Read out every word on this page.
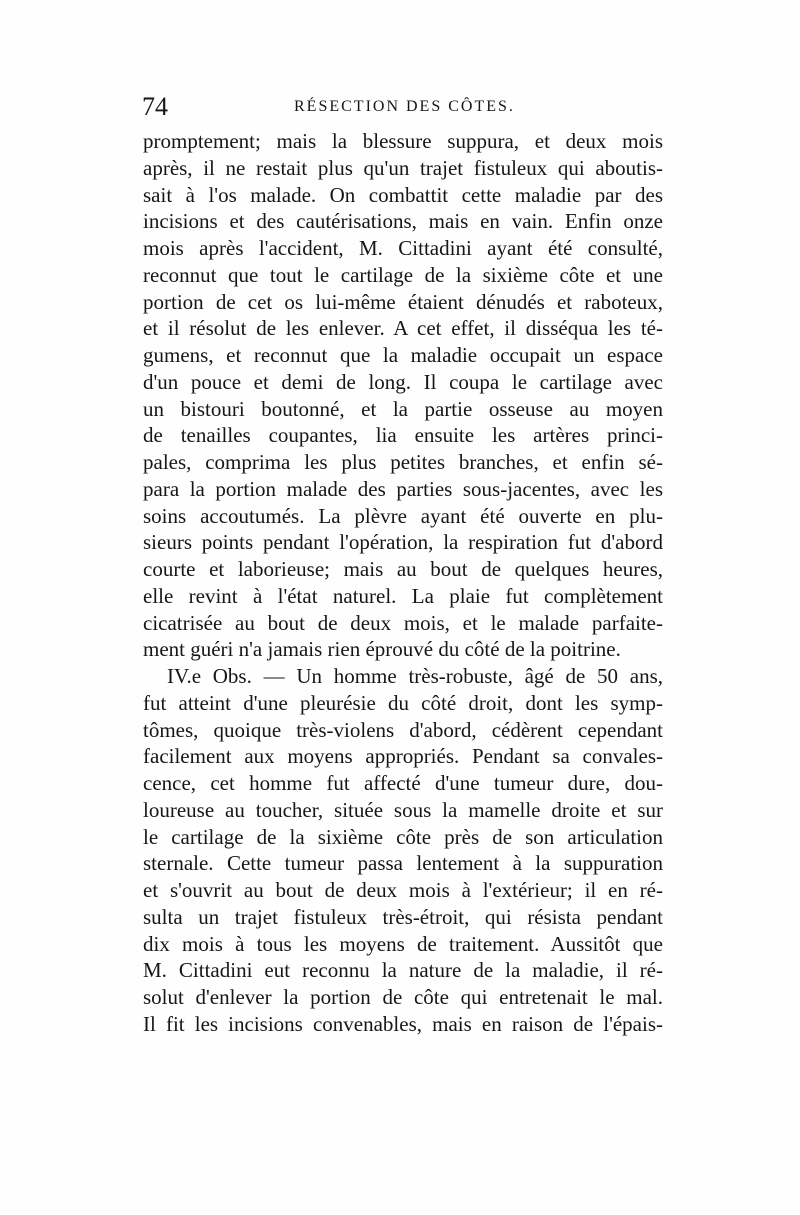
74	RÉSECTION DES CÔTES.
promptement; mais la blessure suppura, et deux mois
après, il ne restait plus qu'un trajet fistuleux qui aboutis-
sait à l'os malade. On combattit cette maladie par des
incisions et des cautérisations, mais en vain. Enfin onze
mois après l'accident, M. Cittadini ayant été consulté,
reconnut que tout le cartilage de la sixième côte et une
portion de cet os lui-même étaient dénudés et raboteux,
et il résolut de les enlever. A cet effet, il disséqua les té-
gumens, et reconnut que la maladie occupait un espace
d'un pouce et demi de long. Il coupa le cartilage avec
un bistouri boutonné, et la partie osseuse au moyen
de tenailles coupantes, lia ensuite les artères princi-
pales, comprima les plus petites branches, et enfin sé-
para la portion malade des parties sous-jacentes, avec les
soins accoutumés. La plèvre ayant été ouverte en plu-
sieurs points pendant l'opération, la respiration fut d'abord
courte et laborieuse; mais au bout de quelques heures,
elle revint à l'état naturel. La plaie fut complètement
cicatrisée au bout de deux mois, et le malade parfaite-
ment guéri n'a jamais rien éprouvé du côté de la poitrine.
IV.e Obs. — Un homme très-robuste, âgé de 50 ans,
fut atteint d'une pleurésie du côté droit, dont les symp-
tômes, quoique très-violens d'abord, cédèrent cependant
facilement aux moyens appropriés. Pendant sa convales-
cence, cet homme fut affecté d'une tumeur dure, dou-
loureuse au toucher, située sous la mamelle droite et sur
le cartilage de la sixième côte près de son articulation
sternale. Cette tumeur passa lentement à la suppuration
et s'ouvrit au bout de deux mois à l'extérieur; il en ré-
sulta un trajet fistuleux très-étroit, qui résista pendant
dix mois à tous les moyens de traitement. Aussitôt que
M. Cittadini eut reconnu la nature de la maladie, il ré-
solut d'enlever la portion de côte qui entretenait le mal.
Il fit les incisions convenables, mais en raison de l'épais-
